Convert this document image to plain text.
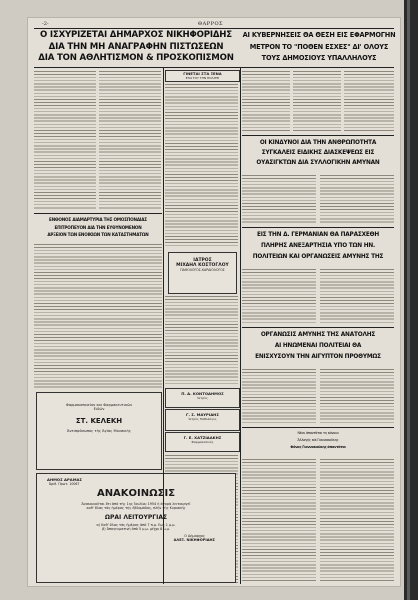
-2-	ΘΑΡΡΟΣ
Ο ΙΣΧΥΡΙΖΕΤΑΙ ΔΗΜΑΡΧΟΣ ΝΙΚΗΦΟΡΙΔΗΣ
ΔΙΑ ΤΗΝ ΜΗ ΑΝΑΓΡΑΦΗΝ ΠΙΣΤΩΣΕΩΝ
ΔΙΑ ΤΟΝ ΑΘΛΗΤΙΣΜΟΝ & ΠΡΟΣΚΟΠΙΣΜΟΝ
ΑΙ ΚΥΒΕΡΝΗΣΕΙΣ ΘΑ ΘΕΣΗ ΕΙΣ ΕΦΑΡΜΟΓΗΝ
ΜΕΤΡΟΝ ΤΟ "ΠΟΘΕΝ ΕΣΧΕΣ" ΔΙ' ΟΛΟΥΣ
ΤΟΥΣ ΔΗΜΟΣΙΟΥΣ ΥΠΑΛΛΗΛΟΥΣ
ΕΝΘΟΝΟΣ ΔΙΑΜΑΡΤΥΡΙΑ ΤΗΣ ΟΜΟΣΠΟΝΔΙΑΣ
ΕΠΙΤΡΟΠΕΥΟΝ ΔΙΑ ΤΗΝ ΕΥΘΥΝΟΜΕΝΟΝ
ΑΡΞΕΙΟΝ ΤΩΝ ΕΝΟΙΚΙΩΝ ΤΩΝ ΚΑΤΑΣΤΗΜΑΤΩΝ
ΓΙΝΕΤΑΙ ΣΤΑ ΞΕΝΑ
ΕΞΩ ΤΟΥ ΤΗΝ ΠΟΛΙΤΕΙ
ΙΑΤΡΟΣ
ΜΙΧΑΗΛ ΚΟΣΤΟΓΛΟΥ
ΠΑΘΟΛΟΓΟΣ-ΚΑΡΔΙΟΛΟΓΟΣ
Π. Δ. ΚΟΝΤΟΔΗΜΟΣ
Ἰατρὸς
Γ. Σ. ΜΑΥΡΙΔΗΣ
Ἰατρὸς Παθολόγος
Γ. Ε. ΧΑΤΖΙΔΑΚΗΣ
Φαρμακοποιός
ΟΙ ΚΙΝΔΥΝΟΙ ΔΙΑ ΤΗΝ ΑΝΘΡΩΠΟΤΗΤΑ
ΣΥΓΚΑΛΕΙΣ ΕΙΔΙΚΗΣ ΔΙΑΣΚΕΨΕΩΣ ΕΙΣ
ΟΥΑΣΙΓΚΤΩΝ ΔΙΑ ΣΥΛΛΟΓΙΚΗΝ ΑΜΥΝΑΝ
ΕΙΣ ΤΗΝ Δ. ΓΕΡΜΑΝΙΑΝ ΘΑ ΠΑΡΑΣΧΕΘΗ
ΠΛΗΡΗΣ ΑΝΕΞΑΡΤΗΣΙΑ ΥΠΟ ΤΩΝ ΗΝ.
ΠΟΛΙΤΕΙΩΝ ΚΑΙ ΟΡΓΑΝΩΣΕΙΣ ΑΜΥΝΗΣ ΤΗΣ
ΟΡΓΑΝΩΣΙΣ ΑΜΥΝΗΣ ΤΗΣ ΑΝΑΤΟΛΗΣ
ΑΙ ΗΝΩΜΕΝΑΙ ΠΟΛΙΤΕΙΑΙ ΘΑ
ΕΝΙΣΧΥΣΟΥΝ ΤΗΝ ΑΙΓΥΠΤΟΝ ΠΡΟΘΥΜΩΣ
Νέον ἀπαντᾶται τη κάνουν
Ἀλλαγῆς καὶ Γιαννακοῦκης
Φόνος Γιαννακοῦκης ἀπαντᾶται
Φαρμακοποιείον και Φαρμακευτικών
Ειδών
ΣΤ. ΚΕΛΕΚΗ
Ἀντιπρόσωπος τῆς Ἀγίας Μουσικῆς
ΔΗΜΟΣ ΔΡΑΜΑΣ
Ἀριθ. Πρωτ. 10067
ΑΝΑΚΟΙΝΩΣΙΣ
Ἀνακοινοῦται ὅτι ἀπὸ τῆς 1ης Ἰουλίου 1954 ἠ ἀγορὰ λειτουργεῖ
καθ' ὅλας τὰς ἡμέρας τῆς ἑβδομάδος, πλὴν τῆς Κυριακῆς
ΩΡΑΙ ΛΕΙΤΟΥΡΓΙΑΣ
α) Καθ' ὅλας τὰς ἡμέρας ἀπὸ 7 π.μ. ἕως 1 μ.μ.
β) Ἀπογευματινὴ ἀπὸ 5 μ.μ. μέχρι 8 μ.μ.
Ο Δήμαρχος
ΑΛΕΞ. ΝΙΚΗΦΟΡΙΔΗΣ
